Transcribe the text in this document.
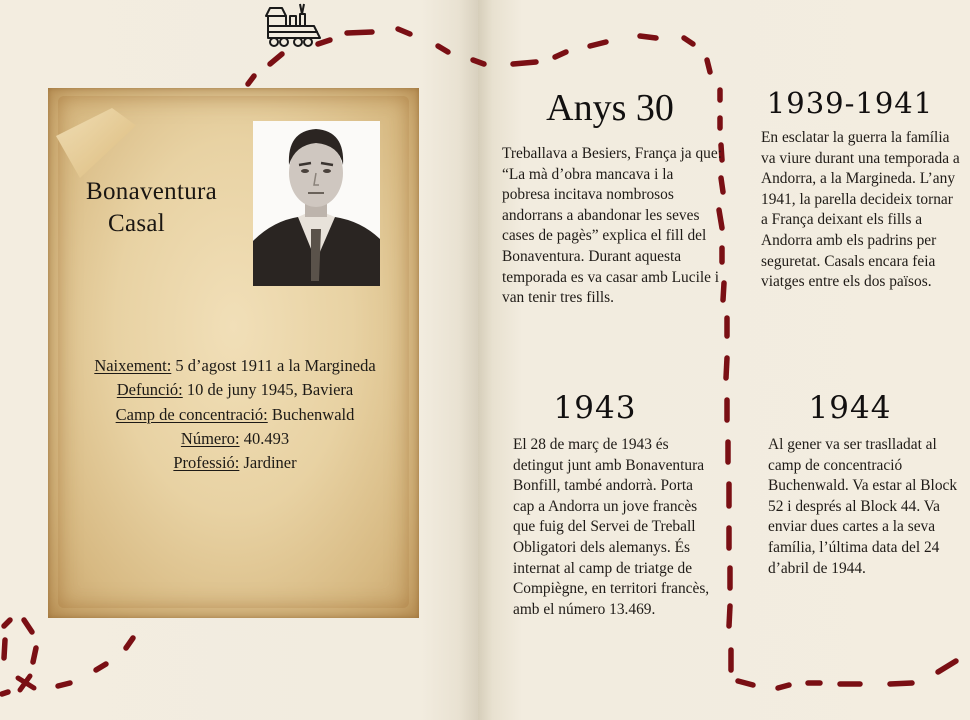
Bonaventura
Casal
Naixement: 5 d’agost 1911 a la Margineda
Defunció: 10 de juny 1945, Baviera
Camp de concentració: Buchenwald
Número: 40.493
Professió: Jardiner
Anys 30
Treballava a Besiers, França ja que: “La mà d’obra mancava i la pobresa incitava nombrosos andorrans a abandonar les seves cases de pagès” explica el fill del Bonaventura. Durant aquesta temporada es va casar amb Lucile i van tenir tres fills.
1943
El 28 de març de 1943 és detingut junt amb Bonaventura Bonfill, també andorrà. Porta cap a Andorra un jove francès que fuig del Servei de Treball Obligatori dels alemanys. És internat al camp de triatge de Compiègne, en territori francès, amb el número 13.469.
1939-1941
En esclatar la guerra la família va viure durant una temporada a Andorra, a la Margineda. L’any 1941, la parella decideix tornar a França deixant els fills a Andorra amb els padrins per seguretat. Casals encara feia viatges entre els dos països.
1944
Al gener va ser traslladat al camp de concentració Buchenwald. Va estar al Block 52 i després al Block 44. Va enviar dues cartes a la seva família, l’última data del 24 d’abril de 1944.
